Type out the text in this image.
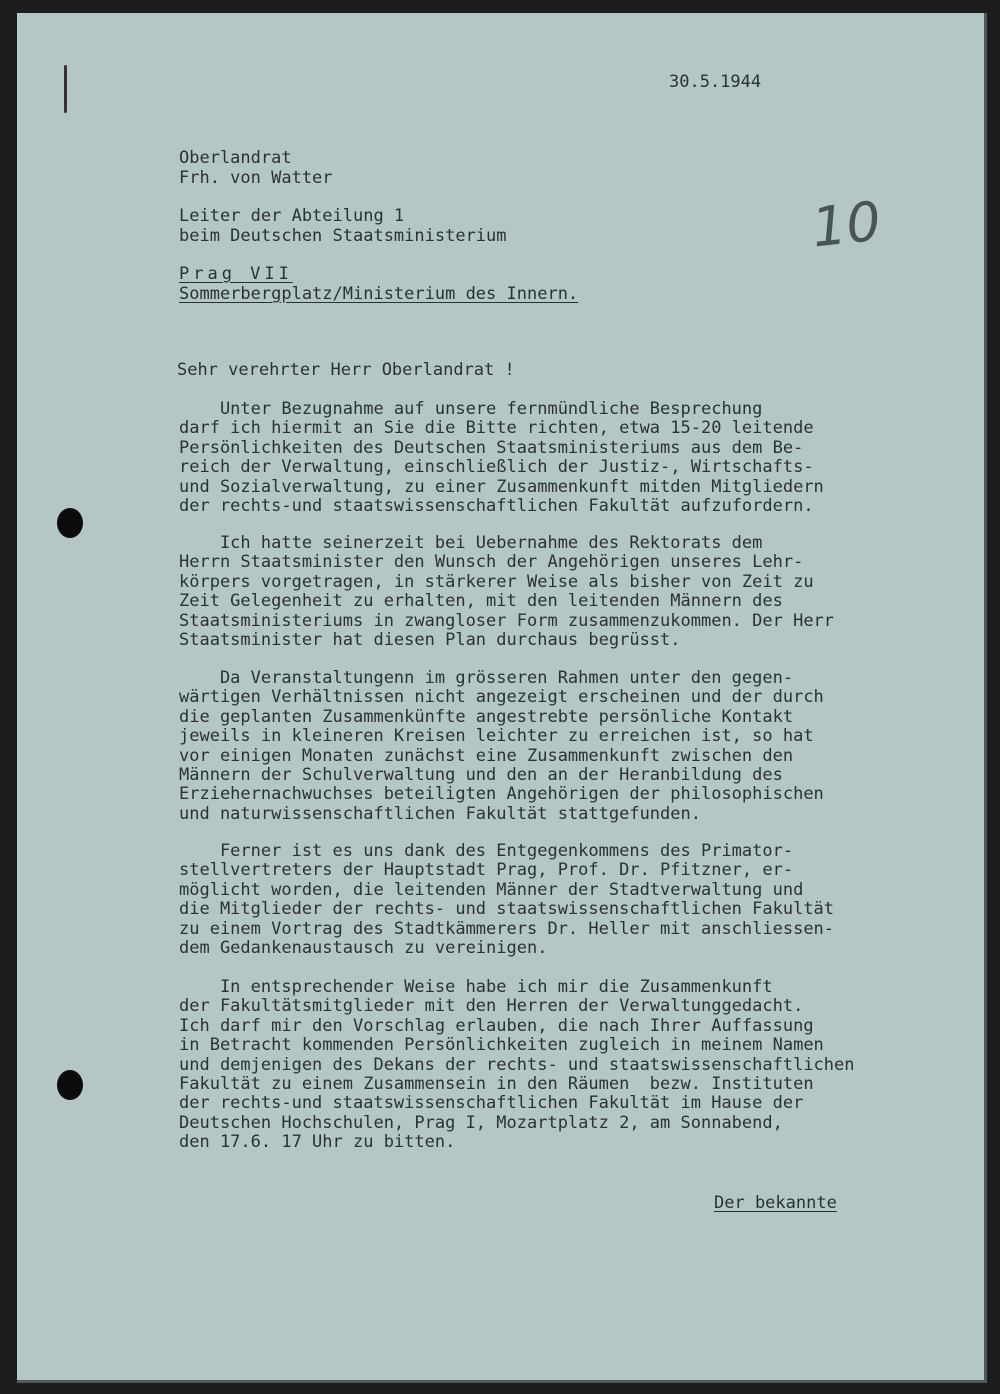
30.5.1944

Oberlandrat

Frh. von Watter

Leiter der Abteilung 1

beim Deutschen Staatsministerium

Prag VII

Sommerbergplatz/Ministerium des Innern.

10

Sehr verehrter Herr Oberlandrat !

Unter Bezugnahme auf unsere fernmündliche Besprechung
darf ich hiermit an Sie die Bitte richten, etwa 15-20 leitende
Persönlichkeiten des Deutschen Staatsministeriums aus dem Be-
reich der Verwaltung, einschließlich der Justiz-, Wirtschafts-
und Sozialverwaltung, zu einer Zusammenkunft mitden Mitgliedern
der rechts-und staatswissenschaftlichen Fakultät aufzufordern.

Ich hatte seinerzeit bei Uebernahme des Rektorats dem
Herrn Staatsminister den Wunsch der Angehörigen unseres Lehr-
körpers vorgetragen, in stärkerer Weise als bisher von Zeit zu
Zeit Gelegenheit zu erhalten, mit den leitenden Männern des
Staatsministeriums in zwangloser Form zusammenzukommen. Der Herr
Staatsminister hat diesen Plan durchaus begrüsst.

Da Veranstaltungenn im grösseren Rahmen unter den gegen-
wärtigen Verhältnissen nicht angezeigt erscheinen und der durch
die geplanten Zusammenkünfte angestrebte persönliche Kontakt
jeweils in kleineren Kreisen leichter zu erreichen ist, so hat
vor einigen Monaten zunächst eine Zusammenkunft zwischen den
Männern der Schulverwaltung und den an der Heranbildung des
Erziehernachwuchses beteiligten Angehörigen der philosophischen
und naturwissenschaftlichen Fakultät stattgefunden.

Ferner ist es uns dank des Entgegenkommens des Primator-
stellvertreters der Hauptstadt Prag, Prof. Dr. Pfitzner, er-
möglicht worden, die leitenden Männer der Stadtverwaltung und
die Mitglieder der rechts- und staatswissenschaftlichen Fakultät
zu einem Vortrag des Stadtkämmerers Dr. Heller mit anschliessen-
dem Gedankenaustausch zu vereinigen.

In entsprechender Weise habe ich mir die Zusammenkunft
der Fakultätsmitglieder mit den Herren der Verwaltunggedacht.
Ich darf mir den Vorschlag erlauben, die nach Ihrer Auffassung
in Betracht kommenden Persönlichkeiten zugleich in meinem Namen
und demjenigen des Dekans der rechts- und staatswissenschaftlichen
Fakultät zu einem Zusammensein in den Räumen  bezw. Instituten
der rechts-und staatswissenschaftlichen Fakultät im Hause der
Deutschen Hochschulen, Prag I, Mozartplatz 2, am Sonnabend,
den 17.6. 17 Uhr zu bitten.

Der bekannte
